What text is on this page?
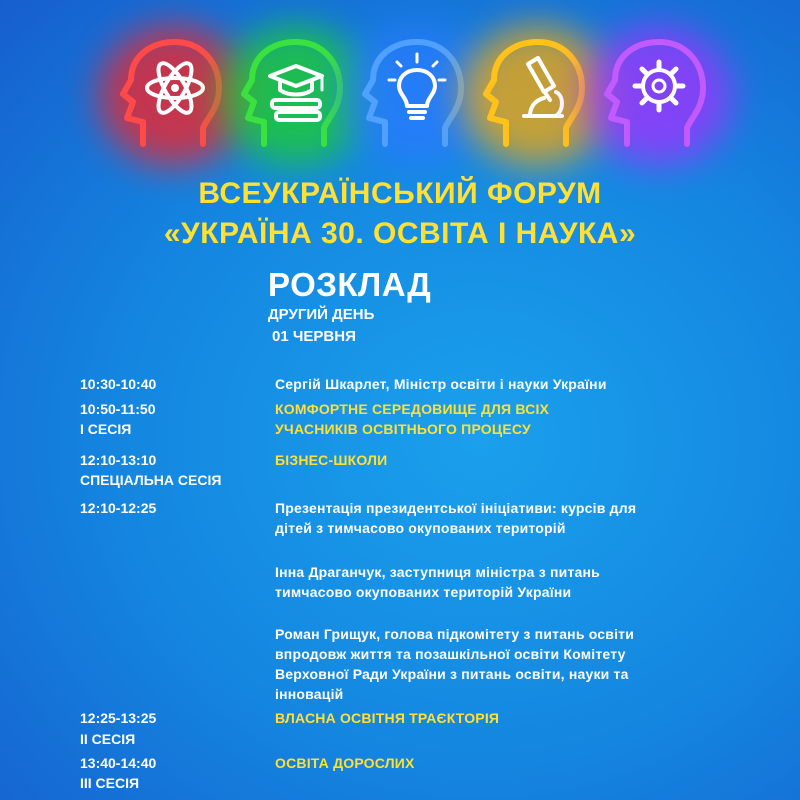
ВСЕУКРАЇНСЬКИЙ ФОРУМ
«УКРАЇНА 30. ОСВІТА І НАУКА»
РОЗКЛАД
ДРУГИЙ ДЕНЬ
01 ЧЕРВНЯ
10:30-10:40	Сергій Шкарлет, Міністр освіти і науки України
10:50-11:50
І СЕСІЯ
КОМФОРТНЕ СЕРЕДОВИЩЕ ДЛЯ ВСІХ
УЧАСНИКІВ ОСВІТНЬОГО ПРОЦЕСУ
12:10-13:10
СПЕЦІАЛЬНА СЕСІЯ
БІЗНЕС-ШКОЛИ
12:10-12:25	Презентація президентської ініціативи: курсів для
дітей з тимчасово окупованих територій
Інна Драганчук, заступниця міністра з питань
тимчасово окупованих територій України
Роман Грищук, голова підкомітету з питань освіти
впродовж життя та позашкільної освіти Комітету
Верховної Ради України з питань освіти, науки та
інновацій
12:25-13:25
ІІ СЕСІЯ
ВЛАСНА ОСВІТНЯ ТРАЄКТОРІЯ
13:40-14:40
ІІІ СЕСІЯ
ОСВІТА ДОРОСЛИХ
